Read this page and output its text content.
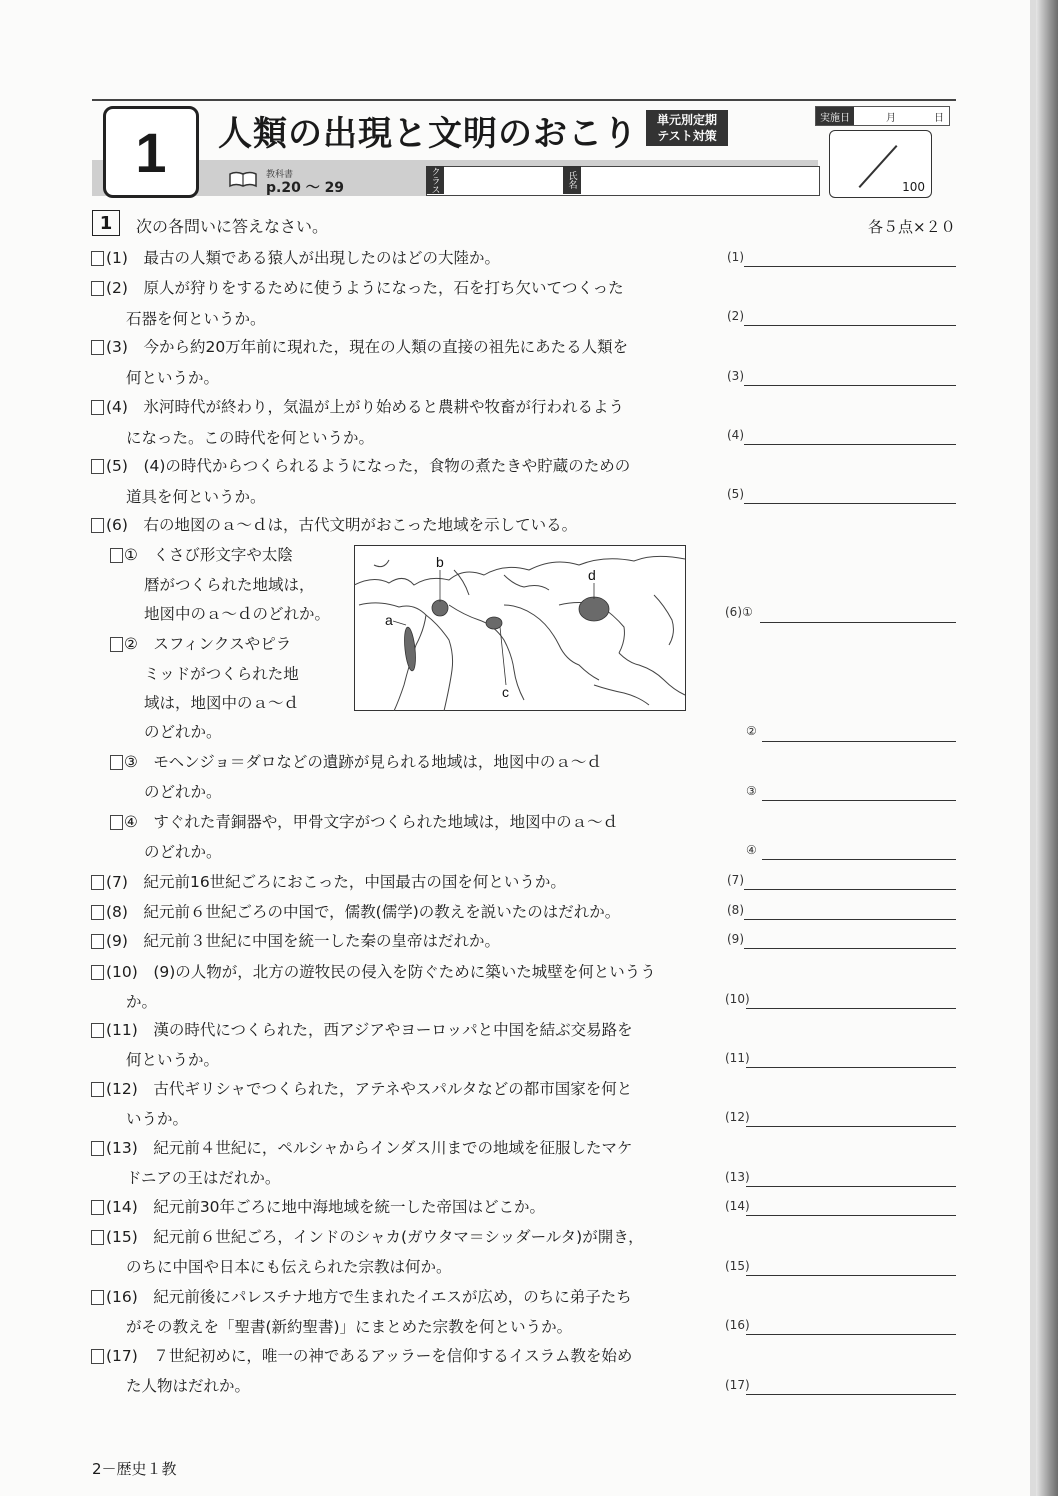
1	人類の出現と文明のおこり 単元別定期
テスト対策
教科書
p.20 ～ 29	クラス	氏名
実施日	月	日
100
1	次の各問いに答えなさい。	各５点×２０
(1)　最古の人類である猿人が出現したのはどの大陸か。
(2)　原人が狩りをするために使うようになった，石を打ち欠いてつくった
石器を何というか。
(3)　今から約20万年前に現れた，現在の人類の直接の祖先にあたる人類を
何というか。
(4)　氷河時代が終わり，気温が上がり始めると農耕や牧畜が行われるよう
になった。この時代を何というか。
(5)　(4)の時代からつくられるようになった，食物の煮たきや貯蔵のための
道具を何というか。
(6)　右の地図のａ～ｄは，古代文明がおこった地域を示している。
①　くさび形文字や太陰
暦がつくられた地域は，
地図中のａ～ｄのどれか。
②　スフィンクスやピラ
ミッドがつくられた地
域は，地図中のａ～ｄ
のどれか。
③　モヘンジョ＝ダロなどの遺跡が見られる地域は，地図中のａ～ｄ
のどれか。
④　すぐれた青銅器や，甲骨文字がつくられた地域は，地図中のａ～ｄ
のどれか。
(7)　紀元前16世紀ごろにおこった，中国最古の国を何というか。
(8)　紀元前６世紀ごろの中国で，儒教(儒学)の教えを説いたのはだれか。
(9)　紀元前３世紀に中国を統一した秦の皇帝はだれか。
(10)　(9)の人物が，北方の遊牧民の侵入を防ぐために築いた城壁を何というう
か。
(11)　漢の時代につくられた，西アジアやヨーロッパと中国を結ぶ交易路を
何というか。
(12)　古代ギリシャでつくられた，アテネやスパルタなどの都市国家を何と
いうか。
(13)　紀元前４世紀に，ペルシャからインダス川までの地域を征服したマケ
ドニアの王はだれか。
(14)　紀元前30年ごろに地中海地域を統一した帝国はどこか。
(15)　紀元前６世紀ごろ，インドのシャカ(ガウタマ＝シッダールタ)が開き，
のちに中国や日本にも伝えられた宗教は何か。
(16)　紀元前後にパレスチナ地方で生まれたイエスが広め，のちに弟子たち
がその教えを「聖書(新約聖書)」にまとめた宗教を何というか。
(17)　７世紀初めに，唯一の神であるアッラーを信仰するイスラム教を始め
た人物はだれか。
(1)
(2)
(3)
(4)
(5)
(6)①
②
③
④
(7)
(8)
(9)
(10)
(11)
(12)
(13)
(14)
(15)
(16)
(17)
a
b
c
d
2－歴史１教
